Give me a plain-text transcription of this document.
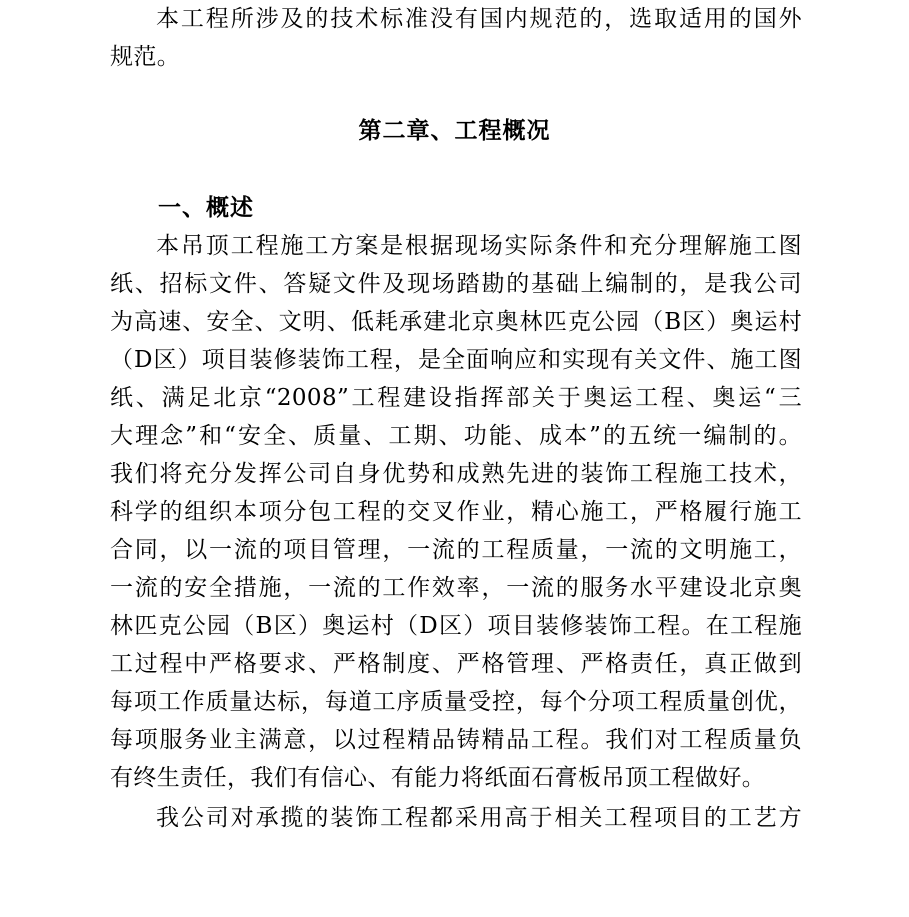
本工程所涉及的技术标准没有国内规范的，选取适用的国外
规范。
第二章、工程概况
一、概述
本吊顶工程施工方案是根据现场实际条件和充分理解施工图
纸、招标文件、答疑文件及现场踏勘的基础上编制的，是我公司
为高速、安全、文明、低耗承建北京奥林匹克公园（B区）奥运村
（D区）项目装修装饰工程，是全面响应和实现有关文件、施工图
纸、满足北京“2008”工程建设指挥部关于奥运工程、奥运“三
大理念”和“安全、质量、工期、功能、成本”的五统一编制的。
我们将充分发挥公司自身优势和成熟先进的装饰工程施工技术，
科学的组织本项分包工程的交叉作业，精心施工，严格履行施工
合同，以一流的项目管理，一流的工程质量，一流的文明施工，
一流的安全措施，一流的工作效率，一流的服务水平建设北京奥
林匹克公园（B区）奥运村（D区）项目装修装饰工程。在工程施
工过程中严格要求、严格制度、严格管理、严格责任，真正做到
每项工作质量达标，每道工序质量受控，每个分项工程质量创优，
每项服务业主满意，以过程精品铸精品工程。我们对工程质量负
有终生责任，我们有信心、有能力将纸面石膏板吊顶工程做好。
我公司对承揽的装饰工程都采用高于相关工程项目的工艺方
